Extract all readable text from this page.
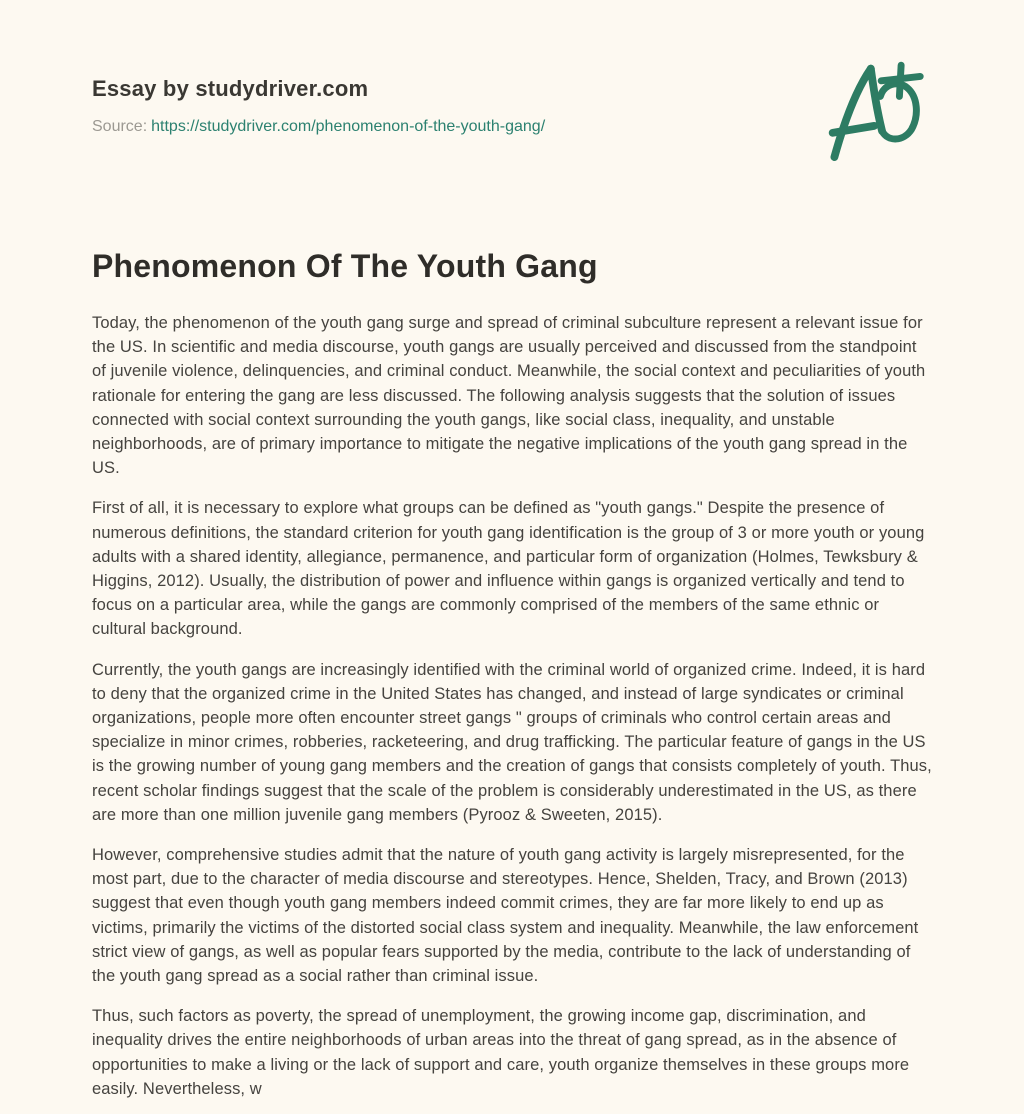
Essay by studydriver.com
Source: https://studydriver.com/phenomenon-of-the-youth-gang/
Phenomenon Of The Youth Gang

Today, the phenomenon of the youth gang surge and spread of criminal subculture represent a relevant issue for the US. In scientific and media discourse, youth gangs are usually perceived and discussed from the standpoint of juvenile violence, delinquencies, and criminal conduct. Meanwhile, the social context and peculiarities of youth rationale for entering the gang are less discussed. The following analysis suggests that the solution of issues connected with social context surrounding the youth gangs, like social class, inequality, and unstable neighborhoods, are of primary importance to mitigate the negative implications of the youth gang spread in the US.

First of all, it is necessary to explore what groups can be defined as "youth gangs." Despite the presence of numerous definitions, the standard criterion for youth gang identification is the group of 3 or more youth or young adults with a shared identity, allegiance, permanence, and particular form of organization (Holmes, Tewksbury & Higgins, 2012). Usually, the distribution of power and influence within gangs is organized vertically and tend to focus on a particular area, while the gangs are commonly comprised of the members of the same ethnic or cultural background.

Currently, the youth gangs are increasingly identified with the criminal world of organized crime. Indeed, it is hard to deny that the organized crime in the United States has changed, and instead of large syndicates or criminal organizations, people more often encounter street gangs " groups of criminals who control certain areas and specialize in minor crimes, robberies, racketeering, and drug trafficking. The particular feature of gangs in the US is the growing number of young gang members and the creation of gangs that consists completely of youth. Thus, recent scholar findings suggest that the scale of the problem is considerably underestimated in the US, as there are more than one million juvenile gang members (Pyrooz & Sweeten, 2015).

However, comprehensive studies admit that the nature of youth gang activity is largely misrepresented, for the most part, due to the character of media discourse and stereotypes. Hence, Shelden, Tracy, and Brown (2013) suggest that even though youth gang members indeed commit crimes, they are far more likely to end up as victims, primarily the victims of the distorted social class system and inequality. Meanwhile, the law enforcement strict view of gangs, as well as popular fears supported by the media, contribute to the lack of understanding of the youth gang spread as a social rather than criminal issue.

Thus, such factors as poverty, the spread of unemployment, the growing income gap, discrimination, and inequality drives the entire neighborhoods of urban areas into the threat of gang spread, as in the absence of opportunities to make a living or the lack of support and care, youth organize themselves in these groups more easily. Nevertheless, w
